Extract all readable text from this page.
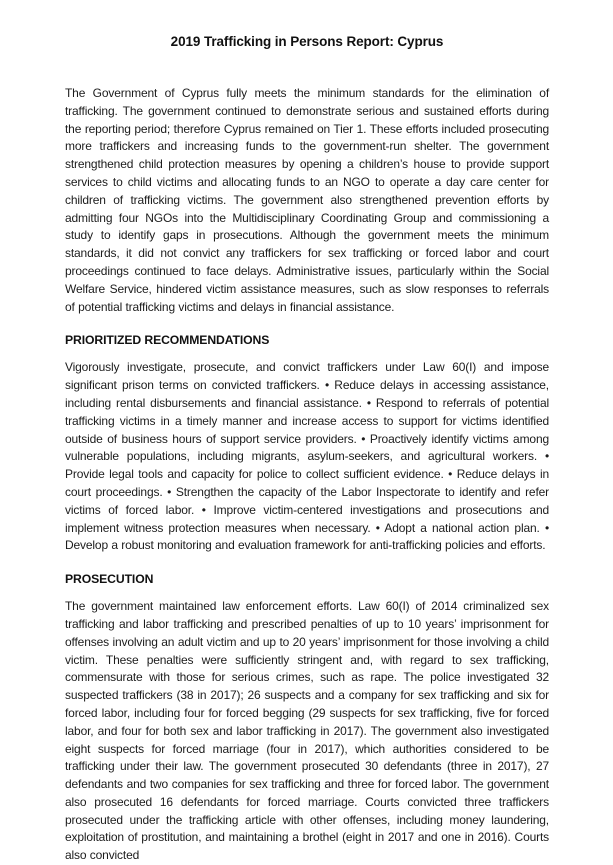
2019 Trafficking in Persons Report: Cyprus

The Government of Cyprus fully meets the minimum standards for the elimination of trafficking. The government continued to demonstrate serious and sustained efforts during the reporting period; therefore Cyprus remained on Tier 1. These efforts included prosecuting more traffickers and increasing funds to the government-run shelter. The government strengthened child protection measures by opening a children’s house to provide support services to child victims and allocating funds to an NGO to operate a day care center for children of trafficking victims. The government also strengthened prevention efforts by admitting four NGOs into the Multidisciplinary Coordinating Group and commissioning a study to identify gaps in prosecutions. Although the government meets the minimum standards, it did not convict any traffickers for sex trafficking or forced labor and court proceedings continued to face delays. Administrative issues, particularly within the Social Welfare Service, hindered victim assistance measures, such as slow responses to referrals of potential trafficking victims and delays in financial assistance.

PRIORITIZED RECOMMENDATIONS

Vigorously investigate, prosecute, and convict traffickers under Law 60(I) and impose significant prison terms on convicted traffickers. • Reduce delays in accessing assistance, including rental disbursements and financial assistance. • Respond to referrals of potential trafficking victims in a timely manner and increase access to support for victims identified outside of business hours of support service providers. • Proactively identify victims among vulnerable populations, including migrants, asylum-seekers, and agricultural workers. • Provide legal tools and capacity for police to collect sufficient evidence. • Reduce delays in court proceedings. • Strengthen the capacity of the Labor Inspectorate to identify and refer victims of forced labor. • Improve victim-centered investigations and prosecutions and implement witness protection measures when necessary. • Adopt a national action plan. • Develop a robust monitoring and evaluation framework for anti-trafficking policies and efforts.

PROSECUTION

The government maintained law enforcement efforts. Law 60(I) of 2014 criminalized sex trafficking and labor trafficking and prescribed penalties of up to 10 years’ imprisonment for offenses involving an adult victim and up to 20 years’ imprisonment for those involving a child victim. These penalties were sufficiently stringent and, with regard to sex trafficking, commensurate with those for serious crimes, such as rape. The police investigated 32 suspected traffickers (38 in 2017); 26 suspects and a company for sex trafficking and six for forced labor, including four for forced begging (29 suspects for sex trafficking, five for forced labor, and four for both sex and labor trafficking in 2017). The government also investigated eight suspects for forced marriage (four in 2017), which authorities considered to be trafficking under their law. The government prosecuted 30 defendants (three in 2017), 27 defendants and two companies for sex trafficking and three for forced labor. The government also prosecuted 16 defendants for forced marriage. Courts convicted three traffickers prosecuted under the trafficking article with other offenses, including money laundering, exploitation of prostitution, and maintaining a brothel (eight in 2017 and one in 2016). Courts also convicted
